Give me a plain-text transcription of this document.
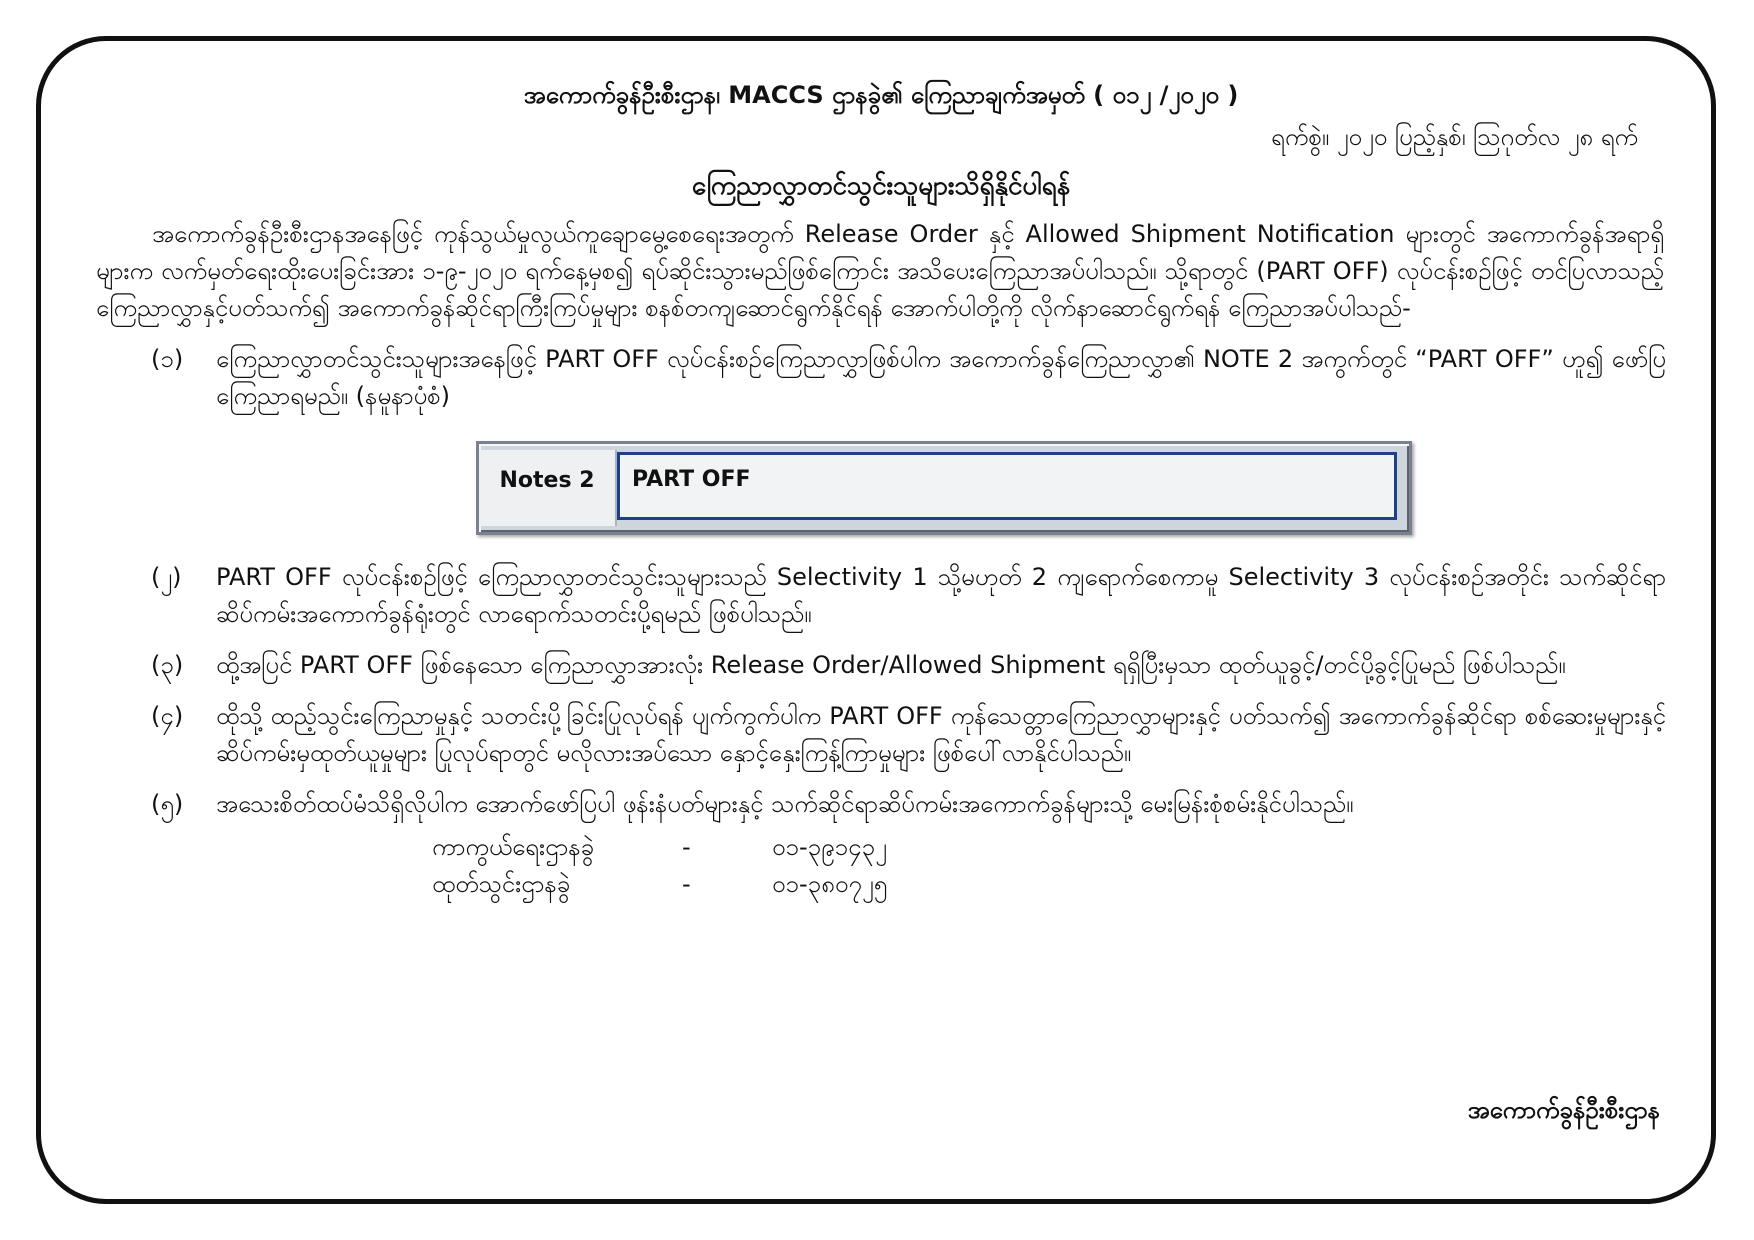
အကောက်ခွန်ဦးစီးဌာန၊ MACCS ဌာနခွဲ၏ ကြေညာချက်အမှတ် ( ၀၁၂ /၂၀၂၀ )

ရက်စွဲ။ ၂၀၂၀ ပြည့်နှစ်၊ ဩဂုတ်လ ၂၈ ရက်

ကြေညာလွှာတင်သွင်းသူများသိရှိနိုင်ပါရန်

အကောက်ခွန်ဦးစီးဌာနအနေဖြင့် ကုန်သွယ်မှုလွယ်ကူချောမွေ့စေရေးအတွက် Release Order နှင့် Allowed Shipment Notification များတွင် အကောက်ခွန်အရာရှိများက လက်မှတ်ရေးထိုးပေးခြင်းအား ၁-၉-၂၀၂၀ ရက်နေ့မှစ၍ ရပ်ဆိုင်းသွားမည်ဖြစ်ကြောင်း အသိပေးကြေညာအပ်ပါသည်။ သို့ရာတွင် (PART OFF) လုပ်ငန်းစဉ်ဖြင့် တင်ပြလာသည့်ကြေညာလွှာနှင့်ပတ်သက်၍ အကောက်ခွန်ဆိုင်ရာကြီးကြပ်မှုများ စနစ်တကျဆောင်ရွက်နိုင်ရန် အောက်ပါတို့ကို လိုက်နာဆောင်ရွက်ရန် ကြေညာအပ်ပါသည်-

(၁)	ကြေညာလွှာတင်သွင်းသူများအနေဖြင့် PART OFF လုပ်ငန်းစဉ်ကြေညာလွှာဖြစ်ပါက အကောက်ခွန်ကြေညာလွှာ၏ NOTE 2 အကွက်တွင် “PART OFF” ဟူ၍ ဖော်ပြကြေညာရမည်။ (နမူနာပုံစံ)
Notes 2	PART OFF
(၂)	PART OFF လုပ်ငန်းစဉ်ဖြင့် ကြေညာလွှာတင်သွင်းသူများသည် Selectivity 1 သို့မဟုတ် 2 ကျရောက်စေကာမူ Selectivity 3 လုပ်ငန်းစဉ်အတိုင်း သက်ဆိုင်ရာ ဆိပ်ကမ်းအကောက်ခွန်ရုံးတွင် လာရောက်သတင်းပို့ရမည် ဖြစ်ပါသည်။
(၃)	ထို့အပြင် PART OFF ဖြစ်နေသော ကြေညာလွှာအားလုံး Release Order/Allowed Shipment ရရှိပြီးမှသာ ထုတ်ယူခွင့်/တင်ပို့ခွင့်ပြုမည် ဖြစ်ပါသည်။
(၄)	ထိုသို့ ထည့်သွင်းကြေညာမှုနှင့် သတင်းပို့ခြင်းပြုလုပ်ရန် ပျက်ကွက်ပါက PART OFF ကုန်သေတ္တာကြေညာလွှာများနှင့် ပတ်သက်၍ အကောက်ခွန်ဆိုင်ရာ စစ်ဆေးမှုများနှင့် ဆိပ်ကမ်းမှထုတ်ယူမှုများ ပြုလုပ်ရာတွင် မလိုလားအပ်သော နှောင့်နှေးကြန့်ကြာမှုများ ဖြစ်ပေါ်လာနိုင်ပါသည်။
(၅)	အသေးစိတ်ထပ်မံသိရှိလိုပါက အောက်ဖော်ပြပါ ဖုန်းနံပတ်များနှင့် သက်ဆိုင်ရာဆိပ်ကမ်းအကောက်ခွန်များသို့ မေးမြန်းစုံစမ်းနိုင်ပါသည်။
ကာကွယ်ရေးဌာနခွဲ	-	၀၁-၃၉၁၄၃၂
ထုတ်သွင်းဌာနခွဲ	-	၀၁-၃၈၀၇၂၅
အကောက်ခွန်ဦးစီးဌာန
